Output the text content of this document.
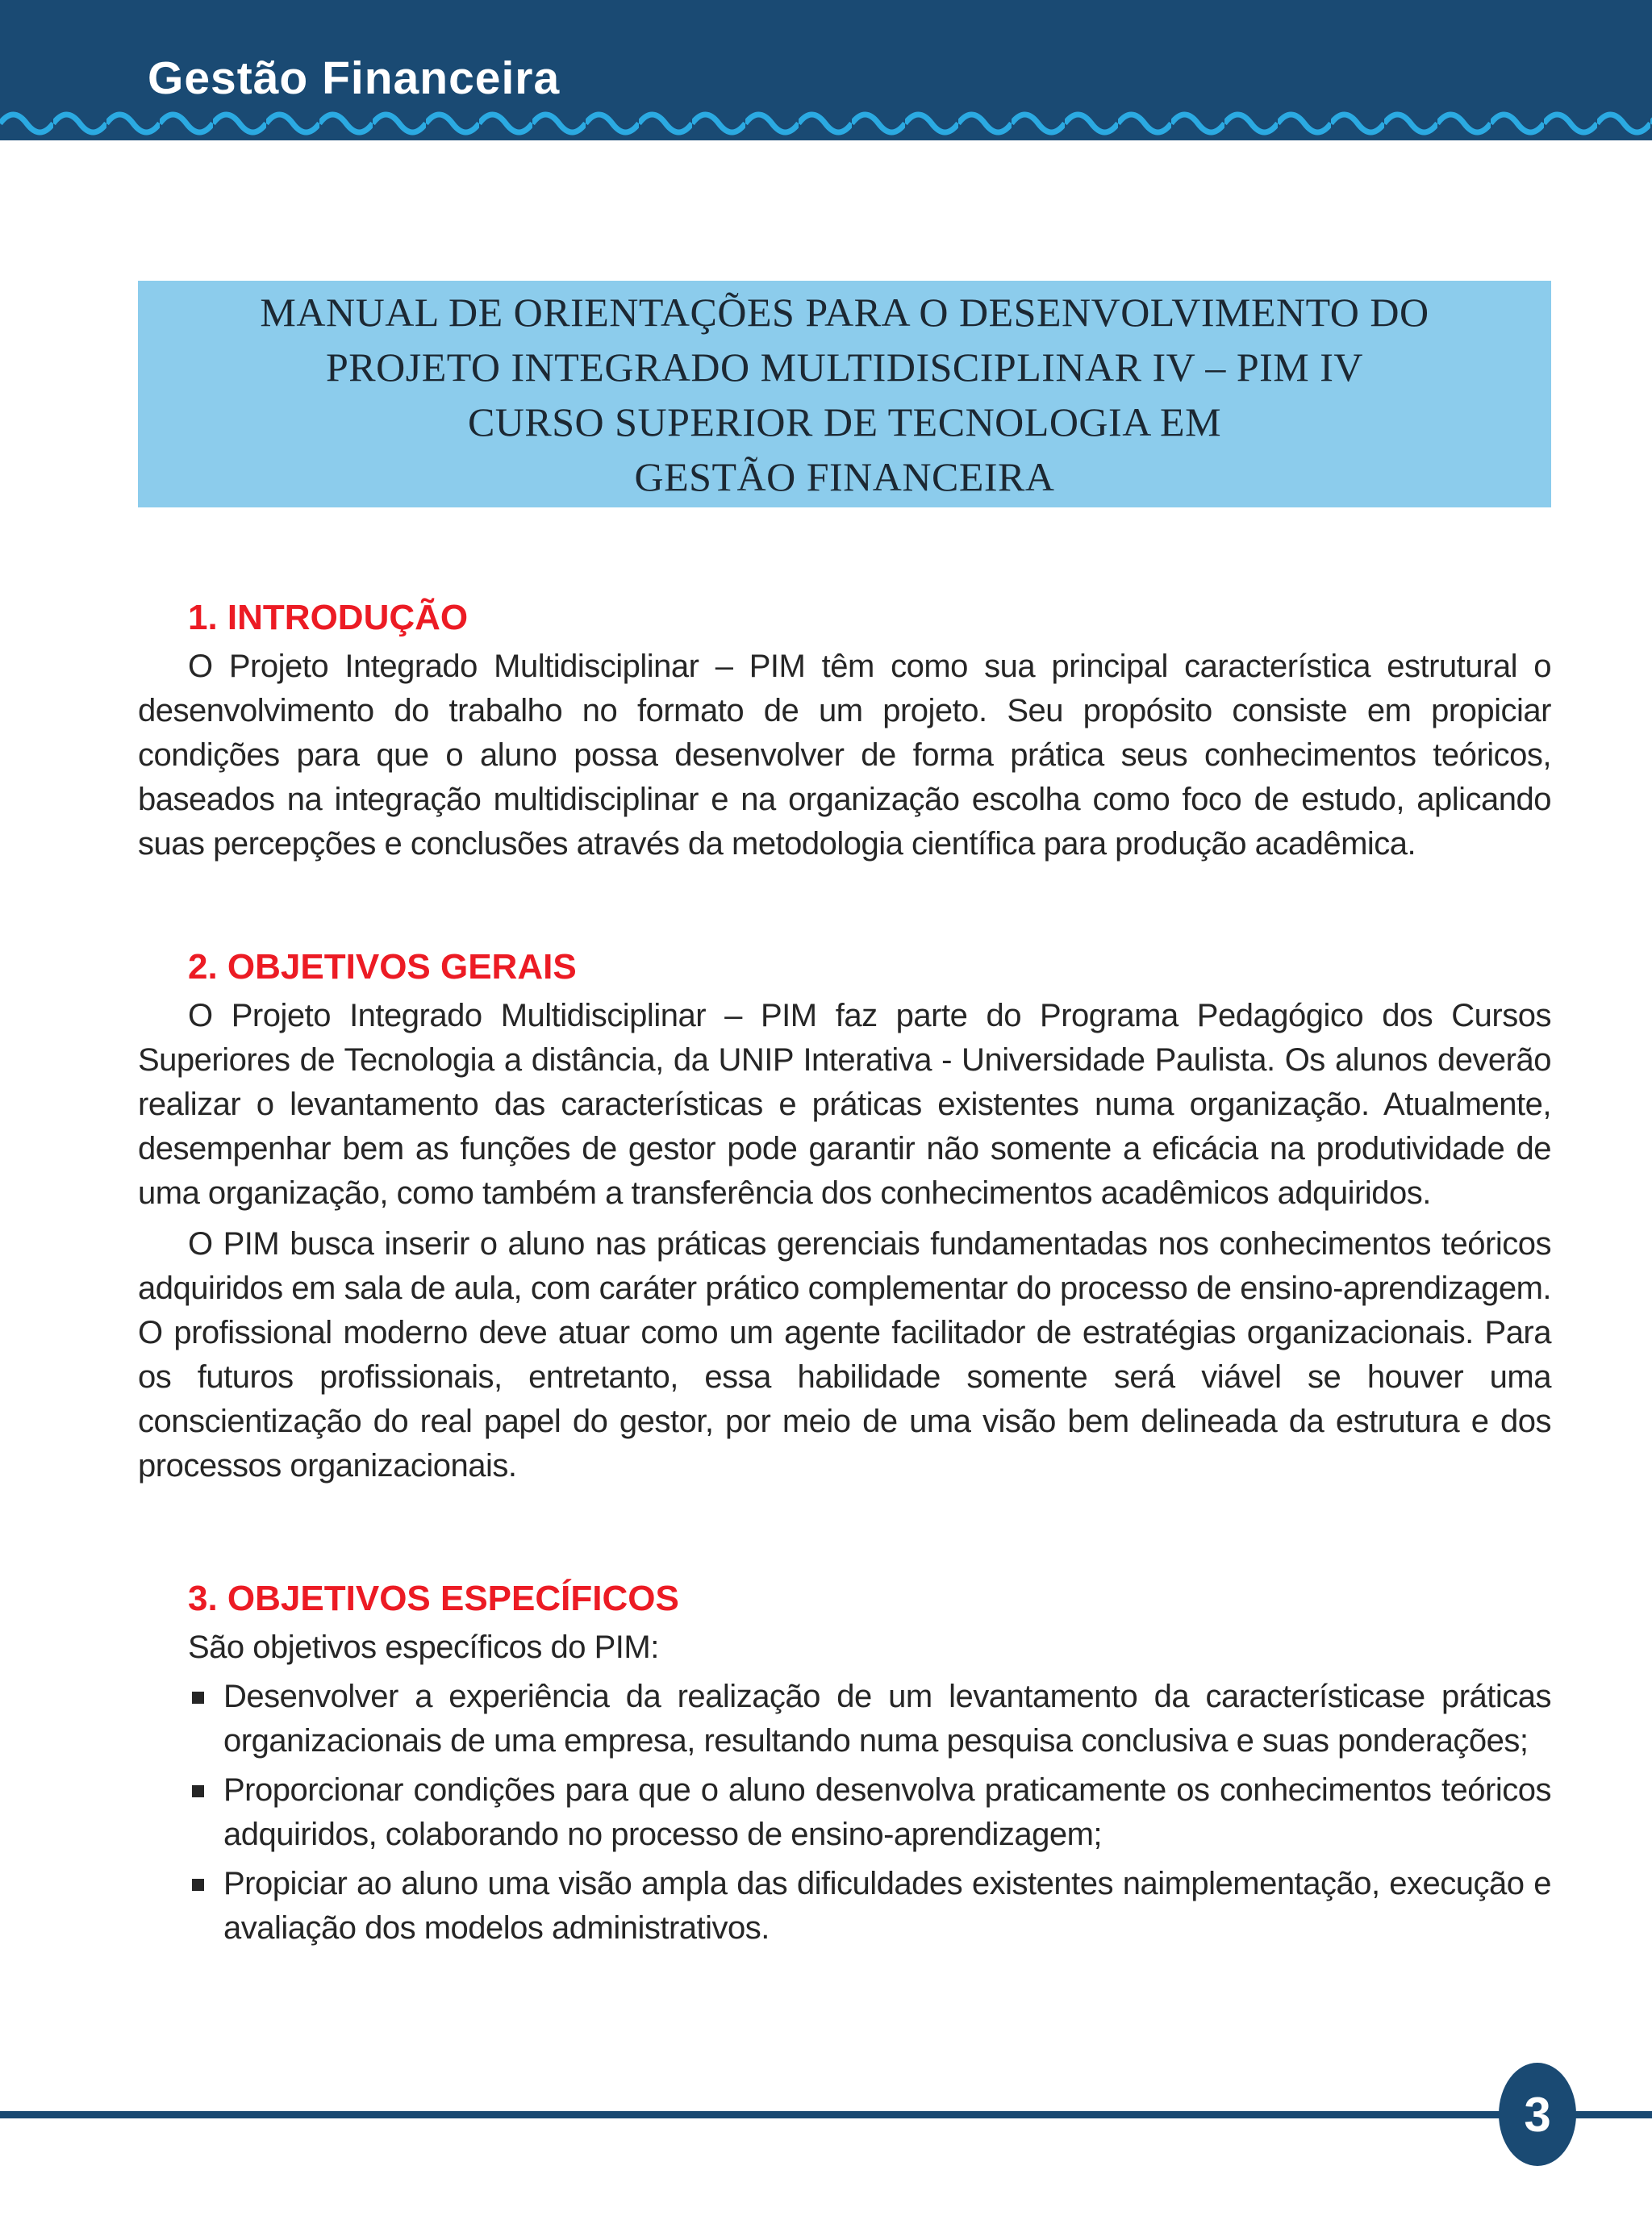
Gestão Financeira
MANUAL DE ORIENTAÇÕES PARA O DESENVOLVIMENTO DO
PROJETO INTEGRADO MULTIDISCIPLINAR IV – PIM IV
CURSO SUPERIOR DE TECNOLOGIA EM
GESTÃO FINANCEIRA
1. INTRODUÇÃO

O Projeto Integrado Multidisciplinar – PIM têm como sua principal característica estrutural o desenvolvimento do trabalho no formato de um projeto. Seu propósito consiste em propiciar condições para que o aluno possa desenvolver de forma prática seus conhecimentos teóricos, baseados na integração multidisciplinar e na organização escolha como foco de estudo, aplicando suas percepções e conclusões através da metodologia científica para produção acadêmica.

2. OBJETIVOS GERAIS

O Projeto Integrado Multidisciplinar – PIM faz parte do Programa Pedagógico dos Cursos Superiores de Tecnologia a distância, da UNIP Interativa - Universidade Paulista. Os alunos deverão realizar o levantamento das características e práticas existentes numa organização. Atualmente, desempenhar bem as funções de gestor pode garantir não somente a eficácia na produtividade de uma organização, como também a transferência dos conhecimentos acadêmicos adquiridos.

O PIM busca inserir o aluno nas práticas gerenciais fundamentadas nos conhecimentos teóricos adquiridos em sala de aula, com caráter prático complementar do processo de ensino-aprendizagem. O profissional moderno deve atuar como um agente facilitador de estratégias organizacionais. Para os futuros profissionais, entretanto, essa habilidade somente será viável se houver uma conscientização do real papel do gestor, por meio de uma visão bem delineada da estrutura e dos processos organizacionais.

3. OBJETIVOS ESPECÍFICOS

São objetivos específicos do PIM:

Desenvolver a experiência da realização de um levantamento da característicase práticas organizacionais de uma empresa, resultando numa pesquisa conclusiva e suas ponderações;
Proporcionar condições para que o aluno desenvolva praticamente os conhecimentos teóricos adquiridos, colaborando no processo de ensino-aprendizagem;
Propiciar ao aluno uma visão ampla das dificuldades existentes naimplementação, execução e avaliação dos modelos administrativos.
3
